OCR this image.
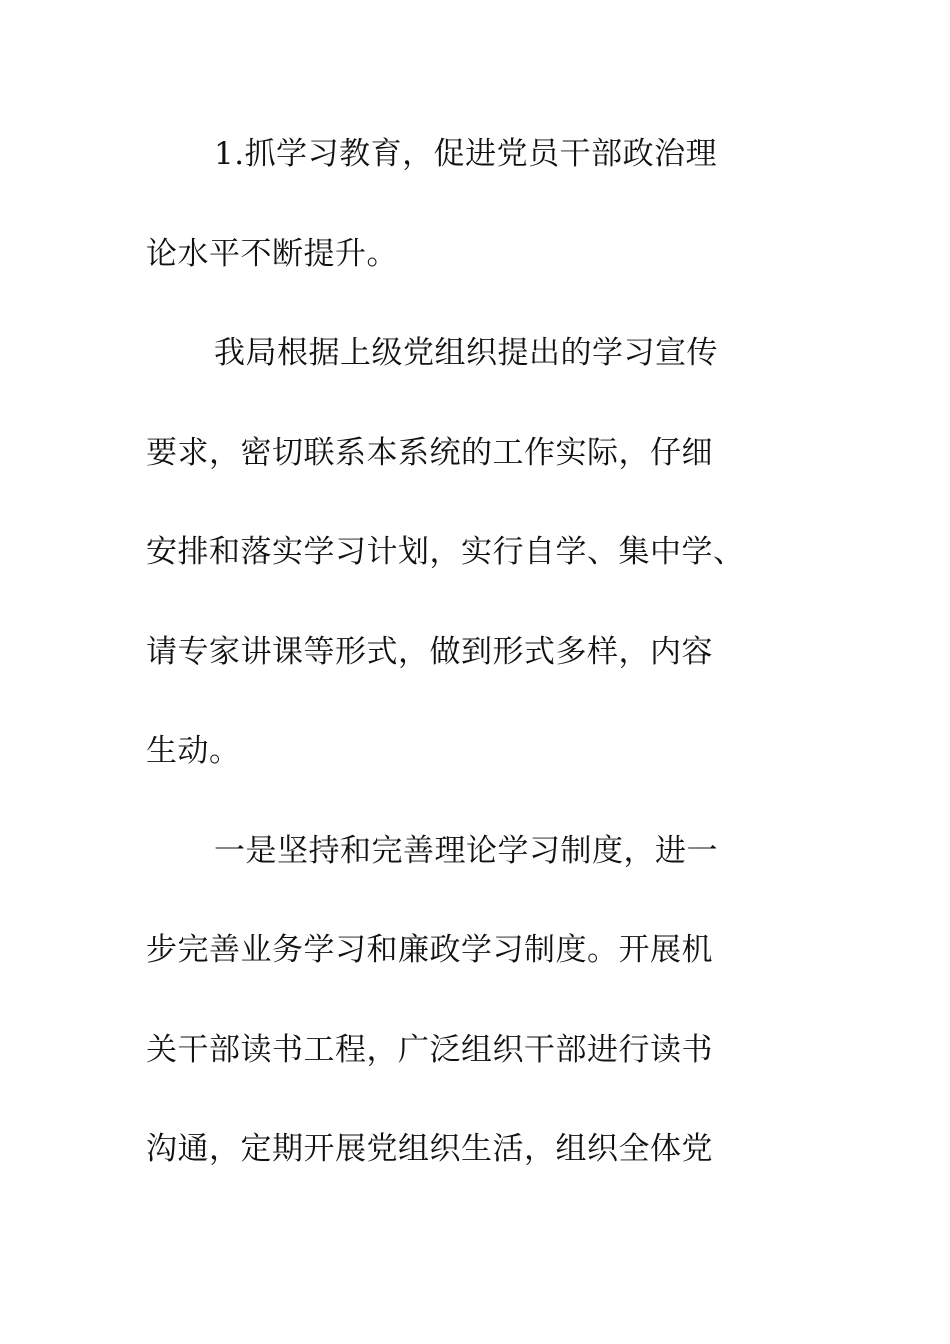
1.抓学习教育，促进党员干部政治理
论水平不断提升。
我局根据上级党组织提出的学习宣传
要求，密切联系本系统的工作实际，仔细
安排和落实学习计划，实行自学、集中学、
请专家讲课等形式，做到形式多样，内容
生动。
一是坚持和完善理论学习制度，进一
步完善业务学习和廉政学习制度。开展机
关干部读书工程，广泛组织干部进行读书
沟通，定期开展党组织生活，组织全体党
